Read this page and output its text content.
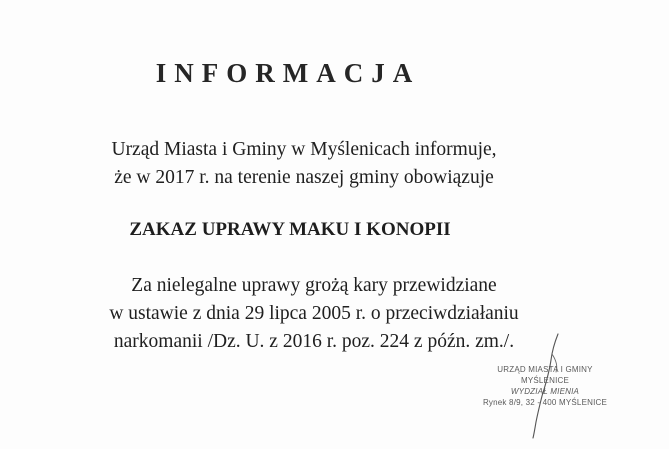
INFORMACJA
Urząd Miasta i Gminy w Myślenicach informuje,
że w 2017 r. na terenie naszej gminy obowiązuje
ZAKAZ UPRAWY MAKU I KONOPII
Za nielegalne uprawy grożą kary przewidziane
w ustawie z dnia 29 lipca 2005 r. o przeciwdziałaniu
narkomanii /Dz. U. z 2016 r. poz. 224 z późn. zm./.
URZĄD MIASTA I GMINY
MYŚLENICE
WYDZIAŁ MIENIA
Rynek 8/9, 32 - 400 MYŚLENICE
